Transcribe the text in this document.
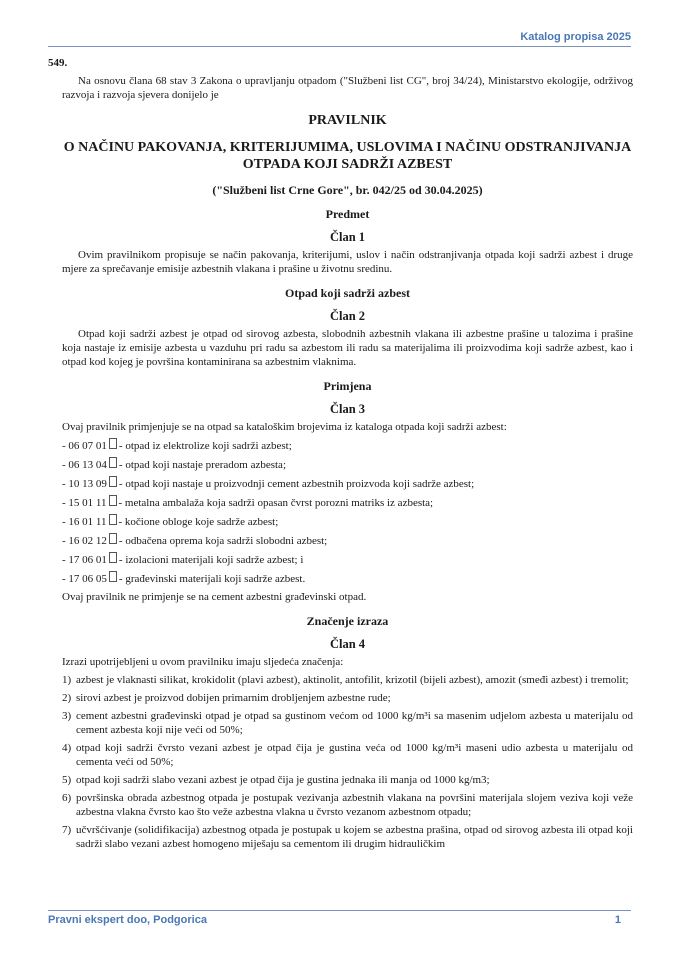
Katalog propisa 2025
549.

Na osnovu člana 68 stav 3 Zakona o upravljanju otpadom ("Službeni list CG", broj 34/24), Ministarstvo ekologije, održivog razvoja i razvoja sjevera donijelo je

PRAVILNIK
O NAČINU PAKOVANJA, KRITERIJUMIMA, USLOVIMA I NAČINU ODSTRANJIVANJA OTPADA KOJI SADRŽI AZBEST
("Službeni list Crne Gore", br. 042/25 od 30.04.2025)
Predmet
Član 1

Ovim pravilnikom propisuje se način pakovanja, kriterijumi, uslov i način odstranjivanja otpada koji sadrži azbest i druge mjere za sprečavanje emisije azbestnih vlakana i prašine u životnu sredinu.

Otpad koji sadrži azbest
Član 2

Otpad koji sadrži azbest je otpad od sirovog azbesta, slobodnih azbestnih vlakana ili azbestne prašine u talozima i prašine koja nastaje iz emisije azbesta u vazduhu pri radu sa azbestom ili radu sa materijalima ili proizvodima koji sadrže azbest, kao i otpad kod kojeg je površina kontaminirana sa azbestnim vlaknima.

Primjena
Član 3

Ovaj pravilnik primjenjuje se na otpad sa kataloškim brojevima iz kataloga otpada koji sadrži azbest:

- 06 07 01 - otpad iz elektrolize koji sadrži azbest;
- 06 13 04 - otpad koji nastaje preradom azbesta;
- 10 13 09 - otpad koji nastaje u proizvodnji cement azbestnih proizvoda koji sadrže azbest;
- 15 01 11 - metalna ambalaža koja sadrži opasan čvrst porozni matriks iz azbesta;
- 16 01 11 - kočione obloge koje sadrže azbest;
- 16 02 12 - odbačena oprema koja sadrži slobodni azbest;
- 17 06 01 - izolacioni materijali koji sadrže azbest; i
- 17 06 05 - građevinski materijali koji sadrže azbest.

Ovaj pravilnik ne primjenje se na cement azbestni građevinski otpad.

Značenje izraza
Član 4

Izrazi upotrijebljeni u ovom pravilniku imaju sljedeća značenja:

1) azbest je vlaknasti silikat, krokidolit (plavi azbest), aktinolit, antofilit, krizotil (bijeli azbest), amozit (smeđi azbest) i tremolit;
2) sirovi azbest je proizvod dobijen primarnim drobljenjem azbestne rude;
3) cement azbestni građevinski otpad je otpad sa gustinom većom od 1000 kg/m³i sa masenim udjelom azbesta u materijalu od cement azbesta koji nije veći od 50%;
4) otpad koji sadrži čvrsto vezani azbest je otpad čija je gustina veća od 1000 kg/m³i maseni udio azbesta u materijalu od cementa veći od 50%;
5) otpad koji sadrži slabo vezani azbest je otpad čija je gustina jednaka ili manja od 1000 kg/m3;
6) površinska obrada azbestnog otpada je postupak vezivanja azbestnih vlakana na površini materijala slojem veziva koji veže azbestna vlakna čvrsto kao što veže azbestna vlakna u čvrsto vezanom azbestnom otpadu;
7) učvršćivanje (solidifikacija) azbestnog otpada je postupak u kojem se azbestna prašina, otpad od sirovog azbesta ili otpad koji sadrži slabo vezani azbest homogeno miješaju sa cementom ili drugim hidrauličkim
Pravni ekspert doo, Podgorica	1
